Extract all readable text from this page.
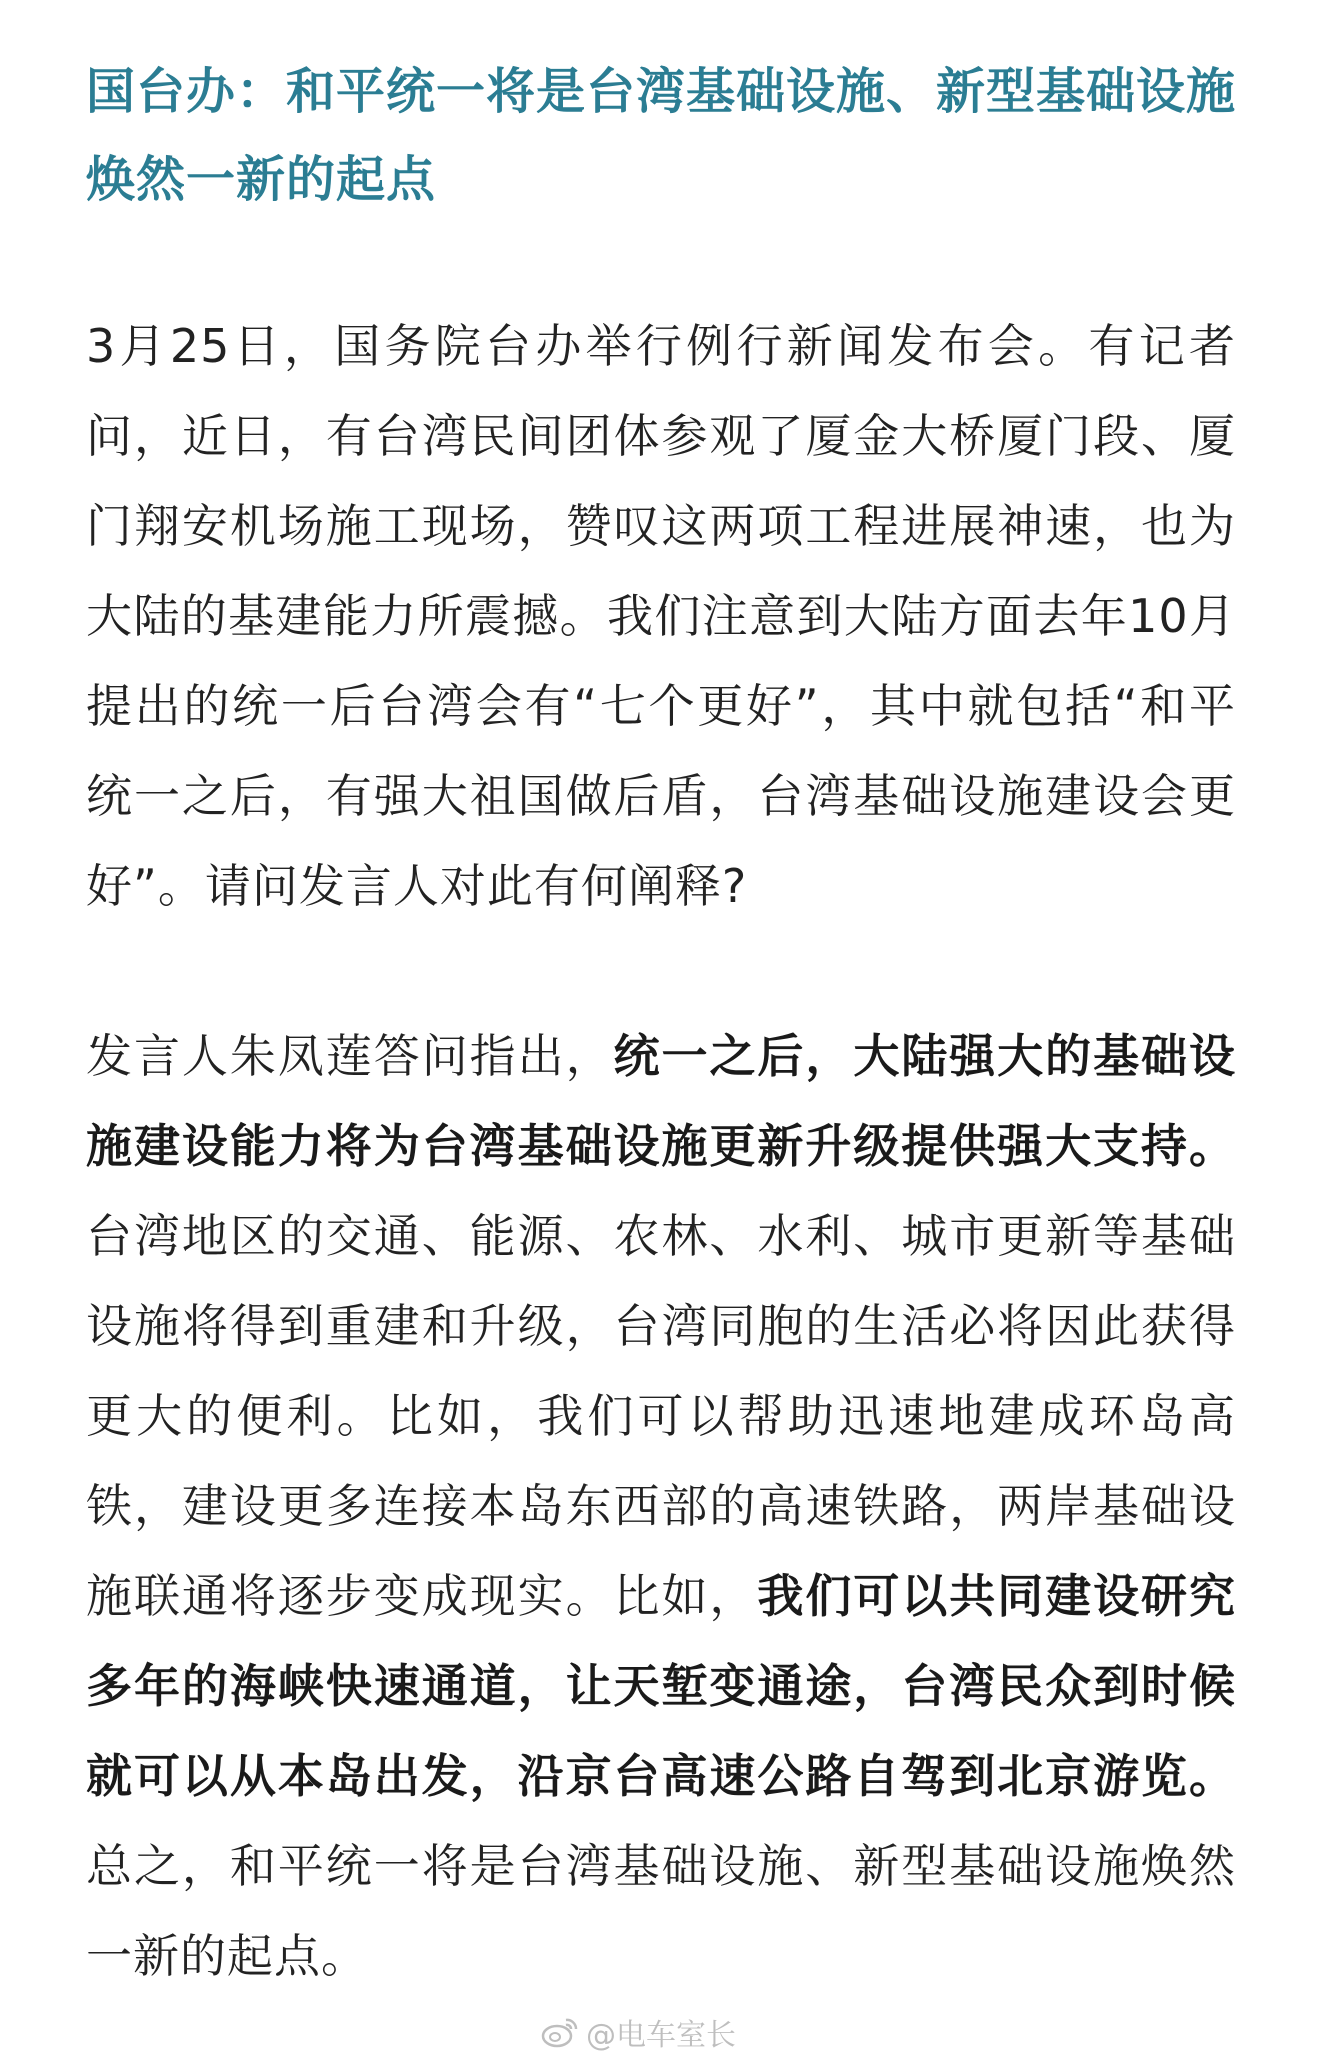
国台办：和平统一将是台湾基础设施、新型基础设施焕然一新的起点

3月25日，国务院台办举行例行新闻发布会。有记者问，近日，有台湾民间团体参观了厦金大桥厦门段、厦门翔安机场施工现场，赞叹这两项工程进展神速，也为大陆的基建能力所震撼。我们注意到大陆方面去年10月提出的统一后台湾会有“七个更好”，其中就包括“和平统一之后，有强大祖国做后盾，台湾基础设施建设会更好”。请问发言人对此有何阐释?

发言人朱凤莲答问指出，统一之后，大陆强大的基础设施建设能力将为台湾基础设施更新升级提供强大支持。台湾地区的交通、能源、农林、水利、城市更新等基础设施将得到重建和升级，台湾同胞的生活必将因此获得更大的便利。比如，我们可以帮助迅速地建成环岛高铁，建设更多连接本岛东西部的高速铁路，两岸基础设施联通将逐步变成现实。比如，我们可以共同建设研究多年的海峡快速通道，让天堑变通途，台湾民众到时候就可以从本岛出发，沿京台高速公路自驾到北京游览。总之，和平统一将是台湾基础设施、新型基础设施焕然一新的起点。

@电车室长
